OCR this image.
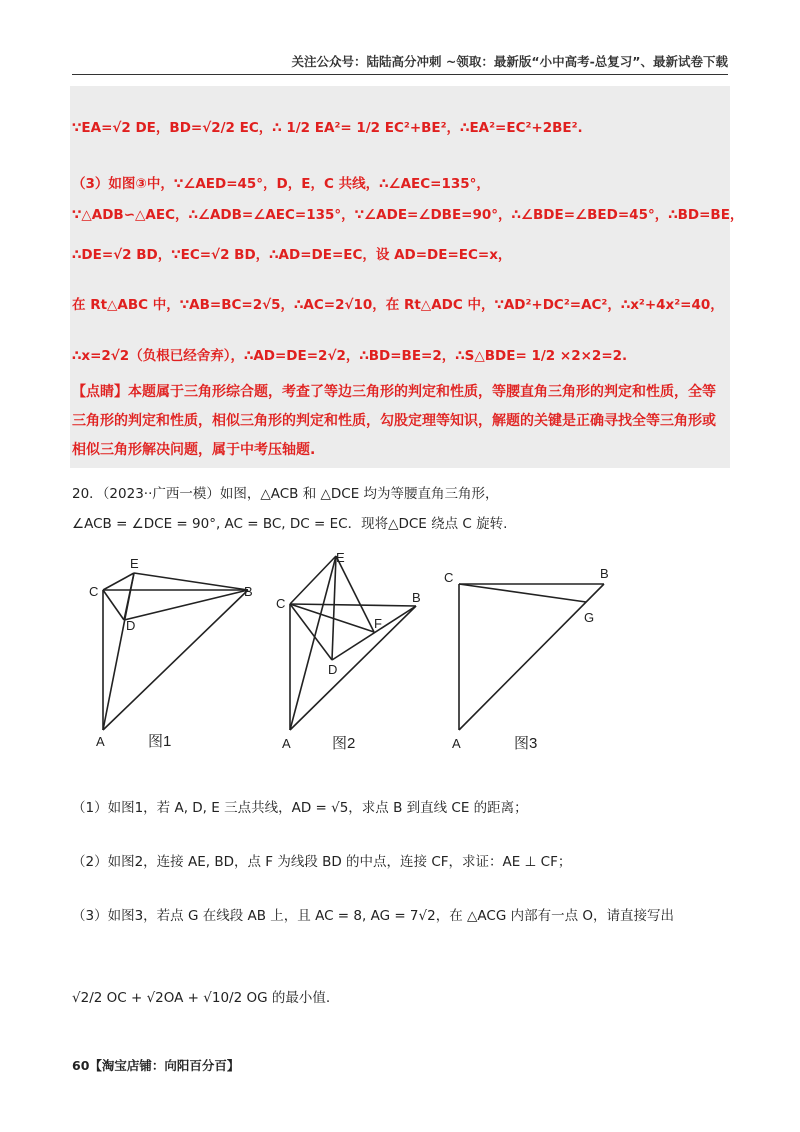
关注公众号：陆陆高分冲刺 ~领取：最新版“小中高考-总复习”、最新试卷下载
∵EA=√2 DE，BD=√2/2 EC，∴ 1/2 EA²= 1/2 EC²+BE²，∴EA²=EC²+2BE².
（3）如图③中，∵∠AED=45°，D，E，C 共线，∴∠AEC=135°，
∵△ADB∽△AEC，∴∠ADB=∠AEC=135°，∵∠ADE=∠DBE=90°，∴∠BDE=∠BED=45°，∴BD=BE，
∴DE=√2 BD，∵EC=√2 BD，∴AD=DE=EC，设 AD=DE=EC=x，
在 Rt△ABC 中，∵AB=BC=2√5，∴AC=2√10，在 Rt△ADC 中，∵AD²+DC²=AC²，∴x²+4x²=40，
∴x=2√2（负根已经舍弃），∴AD=DE=2√2，∴BD=BE=2，∴S△BDE= 1/2 ×2×2=2.
【点睛】本题属于三角形综合题，考查了等边三角形的判定和性质，等腰直角三角形的判定和性质，全等三角形的判定和性质，相似三角形的判定和性质，勾股定理等知识，解题的关键是正确寻找全等三角形或相似三角形解决问题，属于中考压轴题.
20．（2023··广西一模）如图，△ACB 和 △DCE 均为等腰直角三角形，
∠ACB = ∠DCE = 90°, AC = BC, DC = EC．现将△DCE 绕点 C 旋转.
C
E
B
D
A	图1
E
C	B
F
D
A	图2
C	B
G
A	图3
（1）如图1，若 A, D, E 三点共线，AD = √5，求点 B 到直线 CE 的距离；
（2）如图2，连接 AE, BD，点 F 为线段 BD 的中点，连接 CF，求证：AE ⊥ CF；
（3）如图3，若点 G 在线段 AB 上，且 AC = 8, AG = 7√2，在 △ACG 内部有一点 O，请直接写出
√2/2 OC + √2OA + √10/2 OG 的最小值.
60【淘宝店铺：向阳百分百】
